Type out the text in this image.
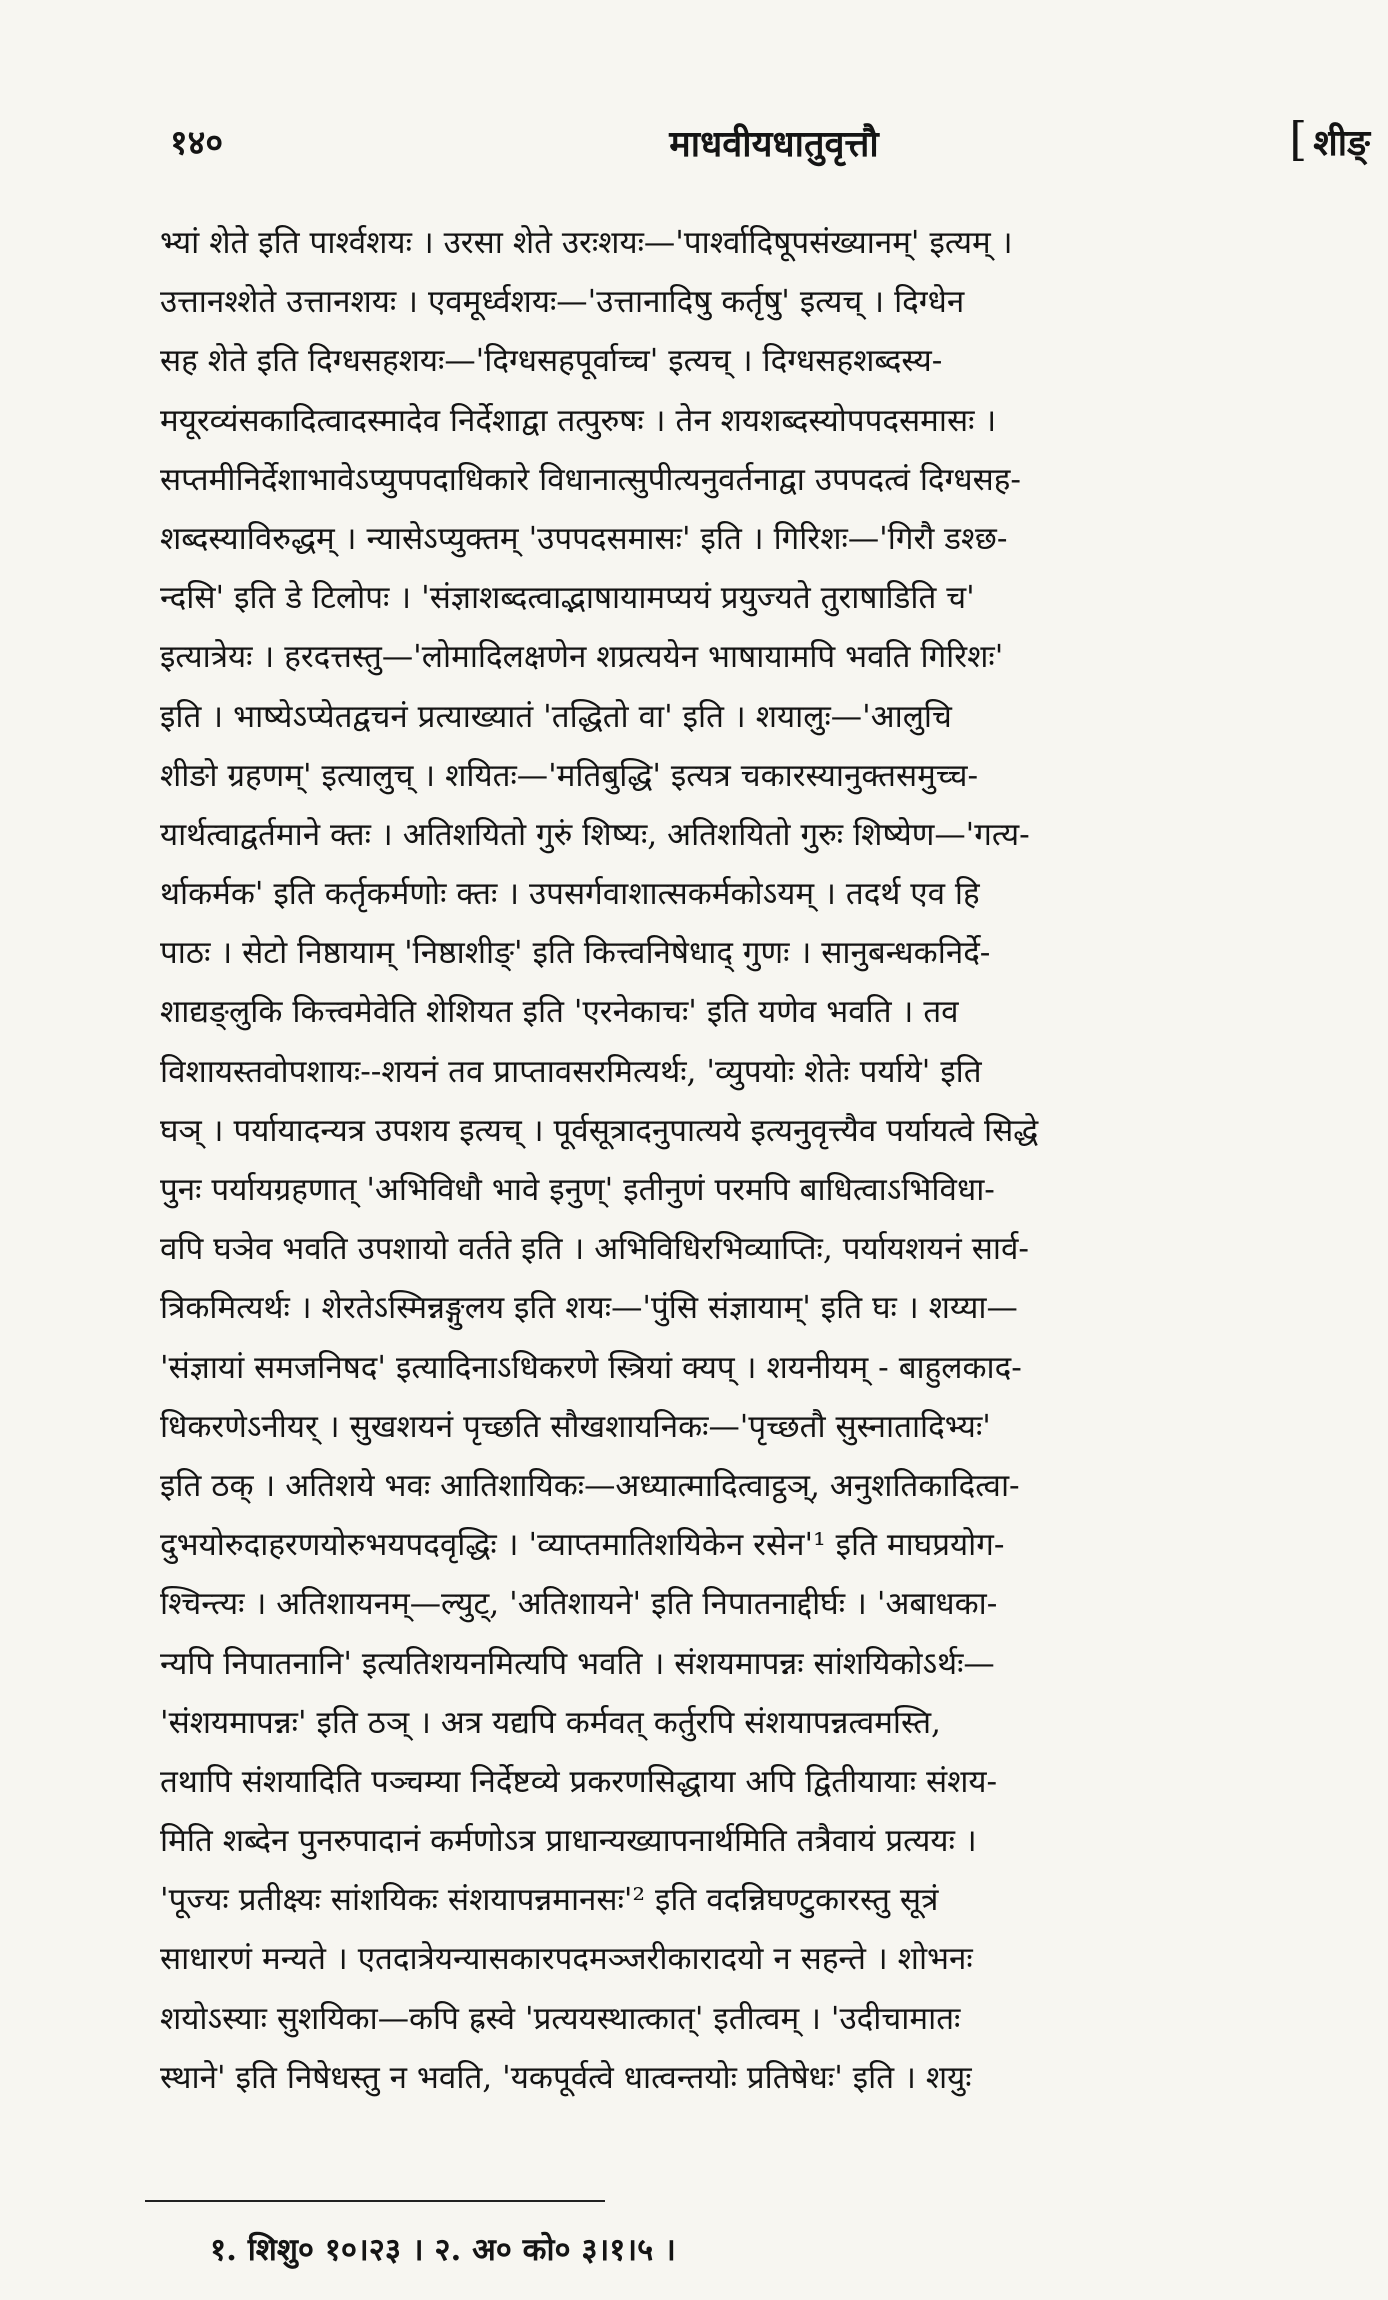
१४०	माधवीयधातुवृत्तौ	[ शीङ्
भ्यां शेते इति पार्श्वशयः । उरसा शेते उरःशयः—'पार्श्वादिषूपसंख्यानम्' इत्यम् ।
उत्तानश्शेते उत्तानशयः । एवमूर्ध्वशयः—'उत्तानादिषु कर्तृषु' इत्यच् । दिग्धेन
सह शेते इति दिग्धसहशयः—'दिग्धसहपूर्वाच्च' इत्यच् । दिग्धसहशब्दस्य-
मयूरव्यंसकादित्वादस्मादेव निर्देशाद्वा तत्पुरुषः । तेन शयशब्दस्योपपदसमासः ।
सप्तमीनिर्देशाभावेऽप्युपपदाधिकारे विधानात्सुपीत्यनुवर्तनाद्वा उपपदत्वं दिग्धसह-
शब्दस्याविरुद्धम् । न्यासेऽप्युक्तम् 'उपपदसमासः' इति । गिरिशः—'गिरौ डश्छ-
न्दसि' इति डे टिलोपः । 'संज्ञाशब्दत्वाद्भाषायामप्ययं प्रयुज्यते तुराषाडिति च'
इत्यात्रेयः । हरदत्तस्तु—'लोमादिलक्षणेन शप्रत्ययेन भाषायामपि भवति गिरिशः'
इति । भाष्येऽप्येतद्वचनं प्रत्याख्यातं 'तद्धितो वा' इति । शयालुः—'आलुचि
शीङो ग्रहणम्' इत्यालुच् । शयितः—'मतिबुद्धि' इत्यत्र चकारस्यानुक्तसमुच्च-
यार्थत्वाद्वर्तमाने क्तः । अतिशयितो गुरुं शिष्यः, अतिशयितो गुरुः शिष्येण—'गत्य-
र्थाकर्मक' इति कर्तृकर्मणोः क्तः । उपसर्गवाशात्सकर्मकोऽयम् । तदर्थ एव हि
पाठः । सेटो निष्ठायाम् 'निष्ठाशीङ्' इति कित्त्वनिषेधाद् गुणः । सानुबन्धकनिर्दे-
शाद्यङ्लुकि कित्त्वमेवेति शेशियत इति 'एरनेकाचः' इति यणेव भवति । तव
विशायस्तवोपशायः--शयनं तव प्राप्तावसरमित्यर्थः, 'व्युपयोः शेतेः पर्याये' इति
घञ् । पर्यायादन्यत्र उपशय इत्यच् । पूर्वसूत्रादनुपात्यये इत्यनुवृत्त्यैव पर्यायत्वे सिद्धे
पुनः पर्यायग्रहणात् 'अभिविधौ भावे इनुण्' इतीनुणं परमपि बाधित्वाऽभिविधा-
वपि घञेव भवति उपशायो वर्तते इति । अभिविधिरभिव्याप्तिः, पर्यायशयनं सार्व-
त्रिकमित्यर्थः । शेरतेऽस्मिन्नङ्गुलय इति शयः—'पुंसि संज्ञायाम्' इति घः । शय्या—
'संज्ञायां समजनिषद' इत्यादिनाऽधिकरणे स्त्रियां क्यप् । शयनीयम् - बाहुलकाद-
धिकरणेऽनीयर् । सुखशयनं पृच्छति सौखशायनिकः—'पृच्छतौ सुस्नातादिभ्यः'
इति ठक् । अतिशये भवः आतिशायिकः—अध्यात्मादित्वाट्ठञ्, अनुशतिकादित्वा-
दुभयोरुदाहरणयोरुभयपदवृद्धिः । 'व्याप्तमातिशयिकेन रसेन'¹ इति माघप्रयोग-
श्चिन्त्यः । अतिशायनम्—ल्युट्, 'अतिशायने' इति निपातनाद्दीर्घः । 'अबाधका-
न्यपि निपातनानि' इत्यतिशयनमित्यपि भवति । संशयमापन्नः सांशयिकोऽर्थः—
'संशयमापन्नः' इति ठञ् । अत्र यद्यपि कर्मवत् कर्तुरपि संशयापन्नत्वमस्ति,
तथापि संशयादिति पञ्चम्या निर्देष्टव्ये प्रकरणसिद्धाया अपि द्वितीयायाः संशय-
मिति शब्देन पुनरुपादानं कर्मणोऽत्र प्राधान्यख्यापनार्थमिति तत्रैवायं प्रत्ययः ।
'पूज्यः प्रतीक्ष्यः सांशयिकः संशयापन्नमानसः'² इति वदन्निघण्टुकारस्तु सूत्रं
साधारणं मन्यते । एतदात्रेयन्यासकारपदमञ्जरीकारादयो न सहन्ते । शोभनः
शयोऽस्याः सुशयिका—कपि ह्रस्वे 'प्रत्ययस्थात्कात्' इतीत्वम् । 'उदीचामातः
स्थाने' इति निषेधस्तु न भवति, 'यकपूर्वत्वे धात्वन्तयोः प्रतिषेधः' इति । शयुः
१. शिशु० १०।२३ । २. अ० को० ३।१।५ ।
